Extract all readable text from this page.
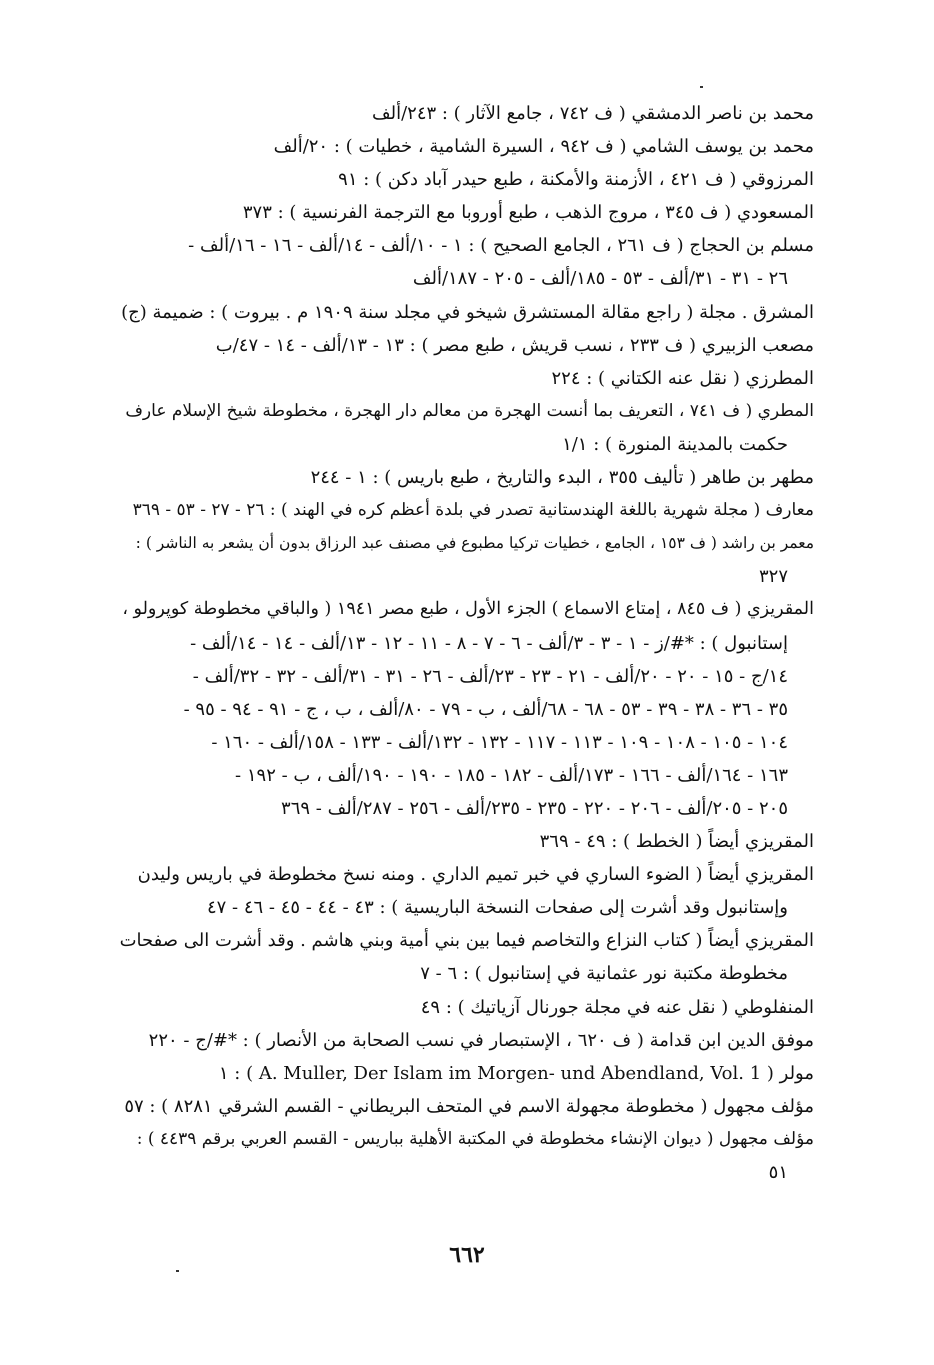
محمد بن ناصر الدمشقي ( ف ٧٤٢ ، جامع الآثار ) : ٢٤٣/ألف
محمد بن يوسف الشامي ( ف ٩٤٢ ، السيرة الشامية ، خطيات ) : ٢٠/ألف
المرزوقي ( ف ٤٢١ ، الأزمنة والأمكنة ، طبع حيدر آباد دكن ) : ٩١
المسعودي ( ف ٣٤٥ ، مروج الذهب ، طبع أوروبا مع الترجمة الفرنسية ) : ٣٧٣
مسلم بن الحجاج ( ف ٢٦١ ، الجامع الصحيح ) : ١ - ١٠/ألف - ١٤/ألف - ١٦ - ١٦/ألف -
٢٦ - ٣١ - ٣١/ألف - ٥٣ - ١٨٥/ألف - ٢٠٥ - ١٨٧/ألف
المشرق . مجلة ( راجع مقالة المستشرق شيخو في مجلد سنة ١٩٠٩ م . بيروت ) : ضميمة (ج)
مصعب الزبيري ( ف ٢٣٣ ، نسب قريش ، طبع مصر ) : ١٣ - ١٣/ألف - ١٤ - ٤٧/ب
المطرزي ( نقل عنه الكتاني ) : ٢٢٤
المطري ( ف ٧٤١ ، التعريف بما أنست الهجرة من معالم دار الهجرة ، مخطوطة شيخ الإسلام عارف
حكمت بالمدينة المنورة ) : ١/١
مطهر بن طاهر ( تأليف ٣٥٥ ، البدء والتاريخ ، طبع باريس ) : ١ - ٢٤٤
معارف ( مجلة شهرية باللغة الهندستانية تصدر في بلدة أعظم كره في الهند ) : ٢٦ - ٢٧ - ٥٣ - ٣٦٩
معمر بن راشد ( ف ١٥٣ ، الجامع ، خطيات تركيا مطبوع في مصنف عبد الرزاق بدون أن يشعر به الناشر ) :
٣٢٧
المقريزي ( ف ٨٤٥ ، إمتاع الاسماع ) الجزء الأول ، طبع مصر ١٩٤١ ( والباقي مخطوطة كوپرولو ،
إستانبول ) : *#/ز - ١ - ٣ - ٣/ألف - ٦ - ٧ - ٨ - ١١ - ١٢ - ١٣/ألف - ١٤ - ١٤/ألف -
١٤/ج - ١٥ - ٢٠ - ٢٠/ألف - ٢١ - ٢٣ - ٢٣/ألف - ٢٦ - ٣١ - ٣١/ألف - ٣٢ - ٣٢/ألف -
٣٥ - ٣٦ - ٣٨ - ٣٩ - ٥٣ - ٦٨ - ٦٨/ألف ، ب - ٧٩ - ٨٠/ألف ، ب ، ج - ٩١ - ٩٤ - ٩٥ -
١٠٤ - ١٠٥ - ١٠٨ - ١٠٩ - ١١٣ - ١١٧ - ١٣٢ - ١٣٢/ألف - ١٣٣ - ١٥٨/ألف - ١٦٠ -
١٦٣ - ١٦٤/ألف - ١٦٦ - ١٧٣/ألف - ١٨٢ - ١٨٥ - ١٩٠ - ١٩٠/ألف ، ب - ١٩٢ -
٢٠٥ - ٢٠٥/ألف - ٢٠٦ - ٢٢٠ - ٢٣٥ - ٢٣٥/ألف - ٢٥٦ - ٢٨٧/ألف - ٣٦٩
المقريزي أيضاً ( الخطط ) : ٤٩ - ٣٦٩
المقريزي أيضاً ( الضوء الساري في خبر تميم الداري . ومنه نسخ مخطوطة في باريس وليدن
وإستانبول وقد أشرت إلى صفحات النسخة الباريسية ) : ٤٣ - ٤٤ - ٤٥ - ٤٦ - ٤٧
المقريزي أيضاً ( كتاب النزاع والتخاصم فيما بين بني أمية وبني هاشم . وقد أشرت الى صفحات
مخطوطة مكتبة نور عثمانية في إستانبول ) : ٦ - ٧
المنفلوطي ( نقل عنه في مجلة جورنال آزياتيك ) : ٤٩
موفق الدين ابن قدامة ( ف ٦٢٠ ، الإستبصار في نسب الصحابة من الأنصار ) : *#/ج - ٢٢٠
مولر ( A. Muller, Der Islam im Morgen- und Abendland, Vol. 1 ) : ١
مؤلف مجهول ( مخطوطة مجهولة الاسم في المتحف البريطاني - القسم الشرقي ٨٢٨١ ) : ٥٧
مؤلف مجهول ( ديوان الإنشاء مخطوطة في المكتبة الأهلية بباريس - القسم العربي برقم ٤٤٣٩ ) :
٥١
٦٦٢
